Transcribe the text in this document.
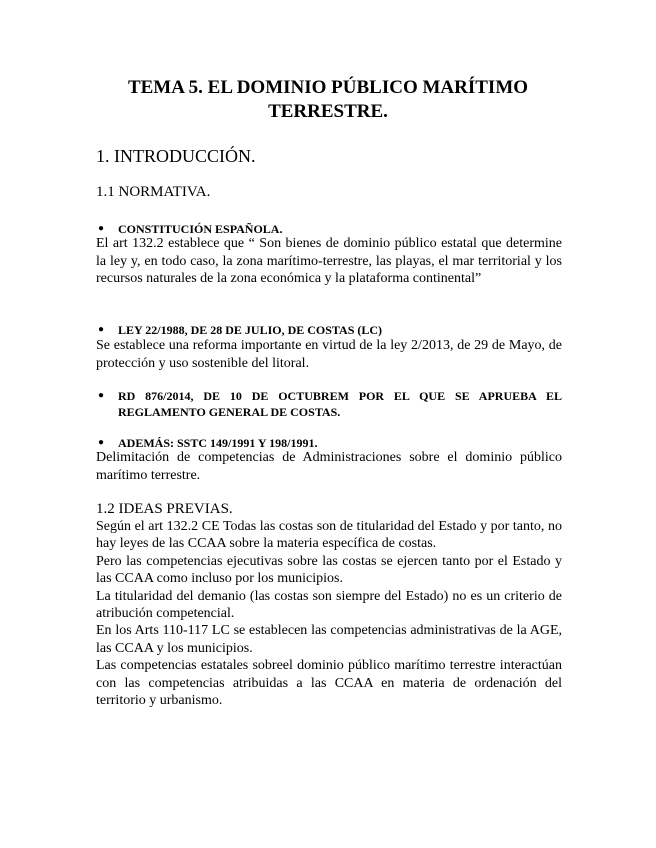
TEMA 5. EL DOMINIO PÚBLICO MARÍTIMO TERRESTRE.
1. INTRODUCCIÓN.
1.1 NORMATIVA.
● CONSTITUCIÓN ESPAÑOLA.

El art 132.2 establece que “ Son bienes de dominio público estatal que determine la ley y, en todo caso, la zona marítimo-terrestre, las playas, el mar territorial y los recursos naturales de la zona económica y la plataforma continental”

● LEY 22/1988, DE 28 DE JULIO, DE COSTAS (LC)

Se establece una reforma importante en virtud de la ley 2/2013, de 29 de Mayo, de protección y uso sostenible del litoral.

● RD 876/2014, DE 10 DE OCTUBREM POR EL QUE SE APRUEBA EL REGLAMENTO GENERAL DE COSTAS.
● ADEMÁS: SSTC 149/1991 Y 198/1991.

Delimitación de competencias de Administraciones sobre el dominio público marítimo terrestre.

1.2 IDEAS PREVIAS.

Según el art 132.2 CE Todas las costas son de titularidad del Estado y por tanto, no hay leyes de las CCAA sobre la materia específica de costas.

Pero las competencias ejecutivas sobre las costas se ejercen tanto por el Estado y las CCAA como incluso por los municipios.

La titularidad del demanio (las costas son siempre del Estado) no es un criterio de atribución competencial.

En los Arts 110-117 LC se establecen las competencias administrativas de la AGE, las CCAA y los municipios.

Las competencias estatales sobreel dominio público marítimo terrestre interactúan con las competencias atribuidas a las CCAA en materia de ordenación del territorio y urbanismo.
